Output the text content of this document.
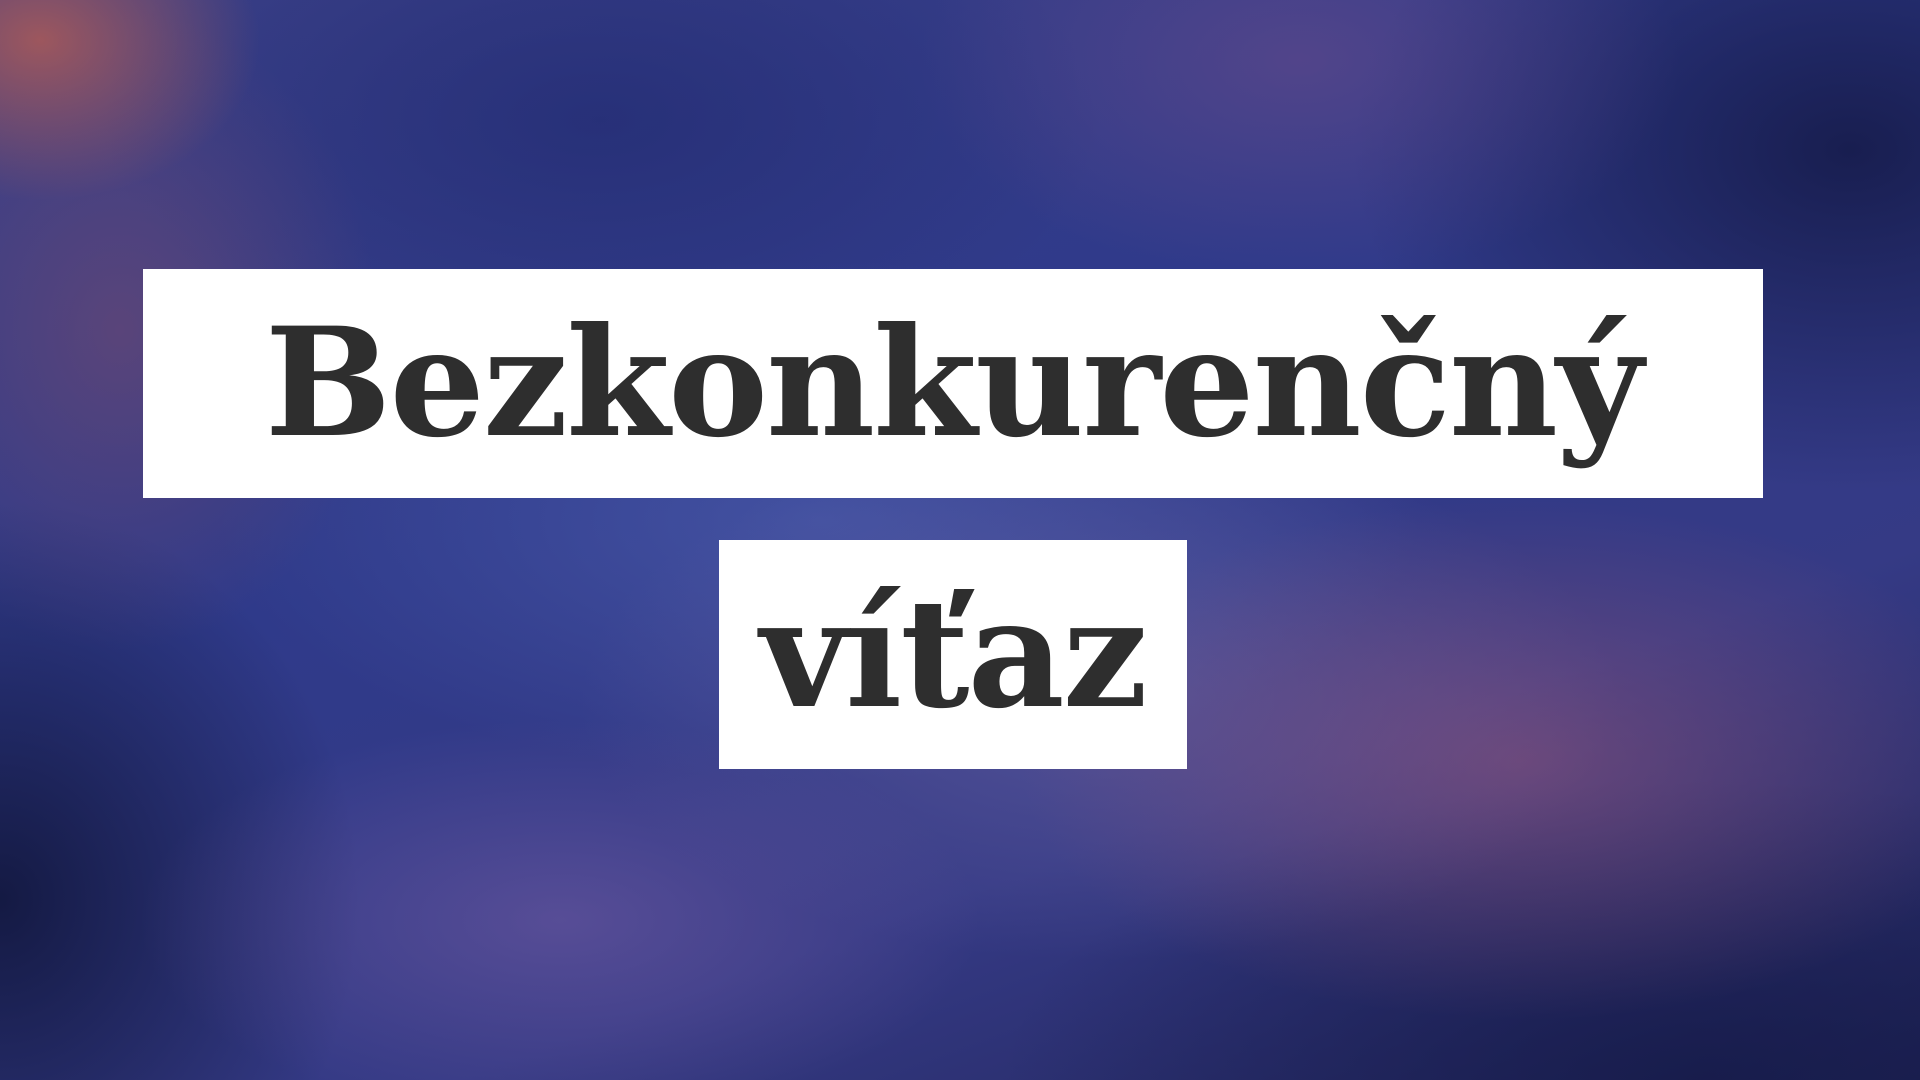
Bezkonkurenčný
víťaz
